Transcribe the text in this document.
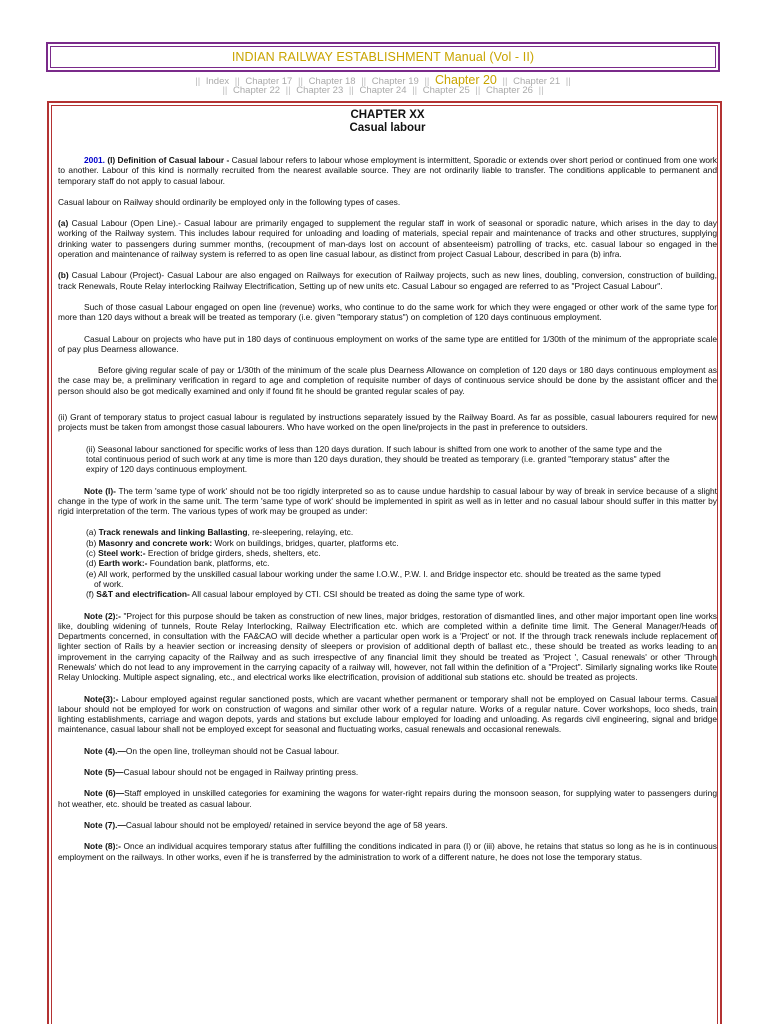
INDIAN RAILWAY ESTABLISHMENT Manual (Vol - II)
|| Index || Chapter 17 || Chapter 18 || Chapter 19 || Chapter 20 || Chapter 21 ||
|| Chapter 22 || Chapter 23 || Chapter 24 || Chapter 25 || Chapter 26 ||
CHAPTER XX
Casual labour

2001. (I) Definition of Casual labour - Casual labour refers to labour whose employment is intermittent, Sporadic or extends over short period or continued from one work to another. Labour of this kind is normally recruited from the nearest available source. They are not ordinarily liable to transfer. The conditions applicable to permanent and temporary staff do not apply to casual labour.

Casual labour on Railway should ordinarily be employed only in the following types of cases.

(a) Casual Labour (Open Line).- Casual labour are primarily engaged to supplement the regular staff in work of seasonal or sporadic nature, which arises in the day to day working of the Railway system. This includes labour required for unloading and loading of materials, special repair and maintenance of tracks and other structures, supplying drinking water to passengers during summer months, (recoupment of man-days lost on account of absenteeism) patrolling of tracks, etc. casual labour so engaged in the operation and maintenance of railway system is referred to as open line casual labour, as distinct from project Casual Labour, described in para (b) infra.

(b) Casual Labour (Project)- Casual Labour are also engaged on Railways for execution of Railway projects, such as new lines, doubling, conversion, construction of building, track Renewals, Route Relay interlocking Railway Electrification, Setting up of new units etc. Casual Labour so engaged are referred to as "Project Casual Labour".

Such of those casual Labour engaged on open line (revenue) works, who continue to do the same work for which they were engaged or other work of the same type for more than 120 days without a break will be treated as temporary (i.e. given "temporary status") on completion of 120 days continuous employment.

Casual Labour on projects who have put in 180 days of continuous employment on works of the same type are entitled for 1/30th of the minimum of the appropriate scale of pay plus Dearness allowance.

Before giving regular scale of pay or 1/30th of the minimum of the scale plus Dearness Allowance on completion of 120 days or 180 days continuous employment as the case may be, a preliminary verification in regard to age and completion of requisite number of days of continuous service should be done by the assistant officer and the person should also be got medically examined and only if found fit he should be granted regular scales of pay.

(ii) Grant of temporary status to project casual labour is regulated by instructions separately issued by the Railway Board. As far as possible, casual labourers required for new projects must be taken from amongst those casual labourers. Who have worked on the open line/projects in the past in preference to outsiders.

(ii) Seasonal labour sanctioned for specific works of less than 120 days duration. If such labour is shifted from one work to another of the same type and the total continuous period of such work at any time is more than 120 days duration, they should be treated as temporary (i.e. granted "temporary status" after the expiry of 120 days continuous employment.

Note (I)- The term 'same type of work' should not be too rigidly interpreted so as to cause undue hardship to casual labour by way of break in service because of a slight change in the type of work in the same unit. The term 'same type of work' should be implemented in spirit as well as in letter and no casual labour should suffer in this matter by rigid interpretation of the term. The various types of work may be grouped as under:

(a) Track renewals and linking Ballasting, re-sleepering, relaying, etc.
(b) Masonry and concrete work: Work on buildings, bridges, quarter, platforms etc.
(c) Steel work:- Erection of bridge girders, sheds, shelters, etc.
(d) Earth work:- Foundation bank, platforms, etc.
(e) All work, performed by the unskilled casual labour working under the same I.O.W., P.W. I. and Bridge inspector etc. should be treated as the same typed of work.
(f) S&T and electrification- All casual labour employed by CTI. CSI should be treated as doing the same type of work.

Note (2):- "Project for this purpose should be taken as construction of new lines, major bridges, restoration of dismantled lines, and other major important open line works like, doubling widening of tunnels, Route Relay Interlocking, Railway Electrification etc. which are completed within a definite time limit. The General Manager/Heads of Departments concerned, in consultation with the FA&CAO will decide whether a particular open work is a 'Project' or not. If the through track renewals include replacement of lighter section of Rails by a heavier section or increasing density of sleepers or provision of additional depth of ballast etc., these should be treated as works leading to an improvement in the carrying capacity of the Railway and as such irrespective of any financial limit they should be treated as 'Project ', Casual renewals' or other 'Through Renewals' which do not lead to any improvement in the carrying capacity of a railway will, however, not fall within the definition of a "Project". Similarly signaling works like Route Relay Unlocking. Multiple aspect signaling, etc., and electrical works like electrification, provision of additional sub stations etc. should be treated as projects.

Note(3):- Labour employed against regular sanctioned posts, which are vacant whether permanent or temporary shall not be employed on Casual labour terms. Casual labour should not be employed for work on construction of wagons and similar other work of a regular nature. Works of a regular nature. Cover workshops, loco sheds, train lighting establishments, carriage and wagon depots, yards and stations but exclude labour employed for loading and unloading. As regards civil engineering, signal and bridge maintenance, casual labour shall not be employed except for seasonal and fluctuating works, casual renewals and occasional renewals.

Note (4).—On the open line, trolleyman should not be Casual labour.

Note (5)—Casual labour should not be engaged in Railway printing press.

Note (6)—Staff employed in unskilled categories for examining the wagons for water-right repairs during the monsoon season, for supplying water to passengers during hot weather, etc. should be treated as casual labour.

Note (7).—Casual labour should not be employed/ retained in service beyond the age of 58 years.

Note (8):- Once an individual acquires temporary status after fulfilling the conditions indicated in para (I) or (iii) above, he retains that status so long as he is in continuous employment on the railways. In other works, even if he is transferred by the administration to work of a different nature, he does not lose the temporary status.
